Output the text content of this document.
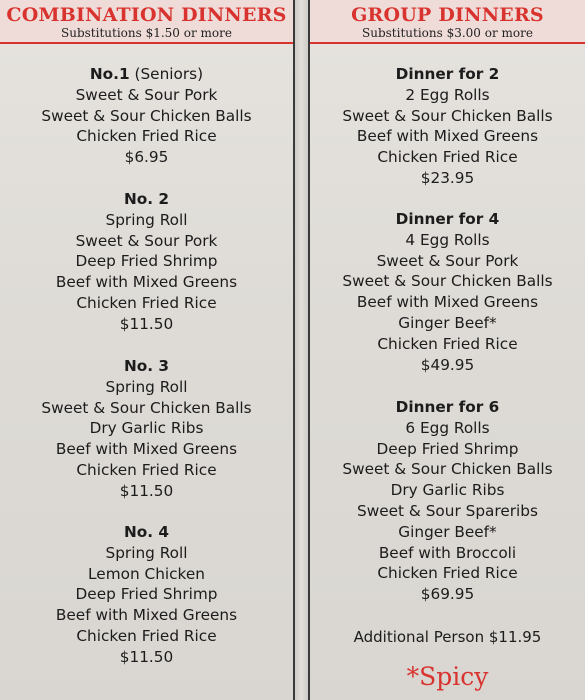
COMBINATION DINNERS
Substitutions $1.50 or more
No.1 (Seniors)
Sweet & Sour Pork
Sweet & Sour Chicken Balls
Chicken Fried Rice
$6.95
No. 2
Spring Roll
Sweet & Sour Pork
Deep Fried Shrimp
Beef with Mixed Greens
Chicken Fried Rice
$11.50
No. 3
Spring Roll
Sweet & Sour Chicken Balls
Dry Garlic Ribs
Beef with Mixed Greens
Chicken Fried Rice
$11.50
No. 4
Spring Roll
Lemon Chicken
Deep Fried Shrimp
Beef with Mixed Greens
Chicken Fried Rice
$11.50
GROUP DINNERS
Substitutions $3.00 or more
Dinner for 2
2 Egg Rolls
Sweet & Sour Chicken Balls
Beef with Mixed Greens
Chicken Fried Rice
$23.95
Dinner for 4
4 Egg Rolls
Sweet & Sour Pork
Sweet & Sour Chicken Balls
Beef with Mixed Greens
Ginger Beef*
Chicken Fried Rice
$49.95
Dinner for 6
6 Egg Rolls
Deep Fried Shrimp
Sweet & Sour Chicken Balls
Dry Garlic Ribs
Sweet & Sour Spareribs
Ginger Beef*
Beef with Broccoli
Chicken Fried Rice
$69.95
Additional Person $11.95
*Spicy
